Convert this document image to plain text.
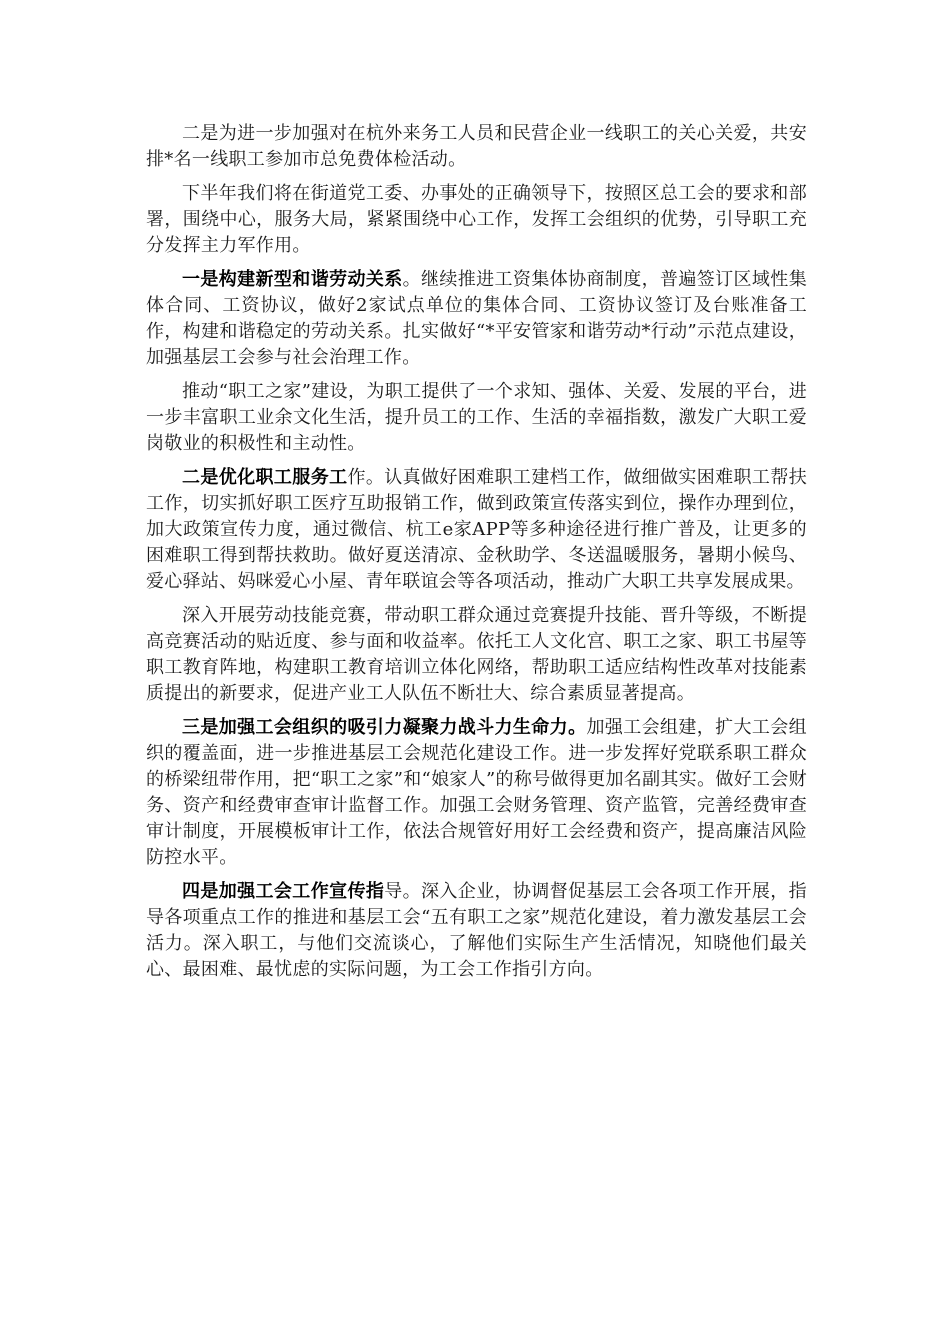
二是为进一步加强对在杭外来务工人员和民营企业一线职工的关心关爱，共安排*名一线职工参加市总免费体检活动。

下半年我们将在街道党工委、办事处的正确领导下，按照区总工会的要求和部署，围绕中心，服务大局，紧紧围绕中心工作，发挥工会组织的优势，引导职工充分发挥主力军作用。

一是构建新型和谐劳动关系。继续推进工资集体协商制度，普遍签订区域性集体合同、工资协议，做好2家试点单位的集体合同、工资协议签订及台账准备工作，构建和谐稳定的劳动关系。扎实做好“*平安管家和谐劳动*行动”示范点建设，加强基层工会参与社会治理工作。

推动“职工之家”建设，为职工提供了一个求知、强体、关爱、发展的平台，进一步丰富职工业余文化生活，提升员工的工作、生活的幸福指数，激发广大职工爱岗敬业的积极性和主动性。

二是优化职工服务工作。认真做好困难职工建档工作，做细做实困难职工帮扶工作，切实抓好职工医疗互助报销工作，做到政策宣传落实到位，操作办理到位，加大政策宣传力度，通过微信、杭工e家APP等多种途径进行推广普及，让更多的困难职工得到帮扶救助。做好夏送清凉、金秋助学、冬送温暖服务，暑期小候鸟、爱心驿站、妈咪爱心小屋、青年联谊会等各项活动，推动广大职工共享发展成果。

深入开展劳动技能竞赛，带动职工群众通过竞赛提升技能、晋升等级，不断提高竞赛活动的贴近度、参与面和收益率。依托工人文化宫、职工之家、职工书屋等职工教育阵地，构建职工教育培训立体化网络，帮助职工适应结构性改革对技能素质提出的新要求，促进产业工人队伍不断壮大、综合素质显著提高。

三是加强工会组织的吸引力凝聚力战斗力生命力。加强工会组建，扩大工会组织的覆盖面，进一步推进基层工会规范化建设工作。进一步发挥好党联系职工群众的桥梁纽带作用，把“职工之家”和“娘家人”的称号做得更加名副其实。做好工会财务、资产和经费审查审计监督工作。加强工会财务管理、资产监管，完善经费审查审计制度，开展模板审计工作，依法合规管好用好工会经费和资产，提高廉洁风险防控水平。

四是加强工会工作宣传指导。深入企业，协调督促基层工会各项工作开展，指导各项重点工作的推进和基层工会“五有职工之家”规范化建设，着力激发基层工会活力。深入职工，与他们交流谈心，了解他们实际生产生活情况，知晓他们最关心、最困难、最忧虑的实际问题，为工会工作指引方向。
